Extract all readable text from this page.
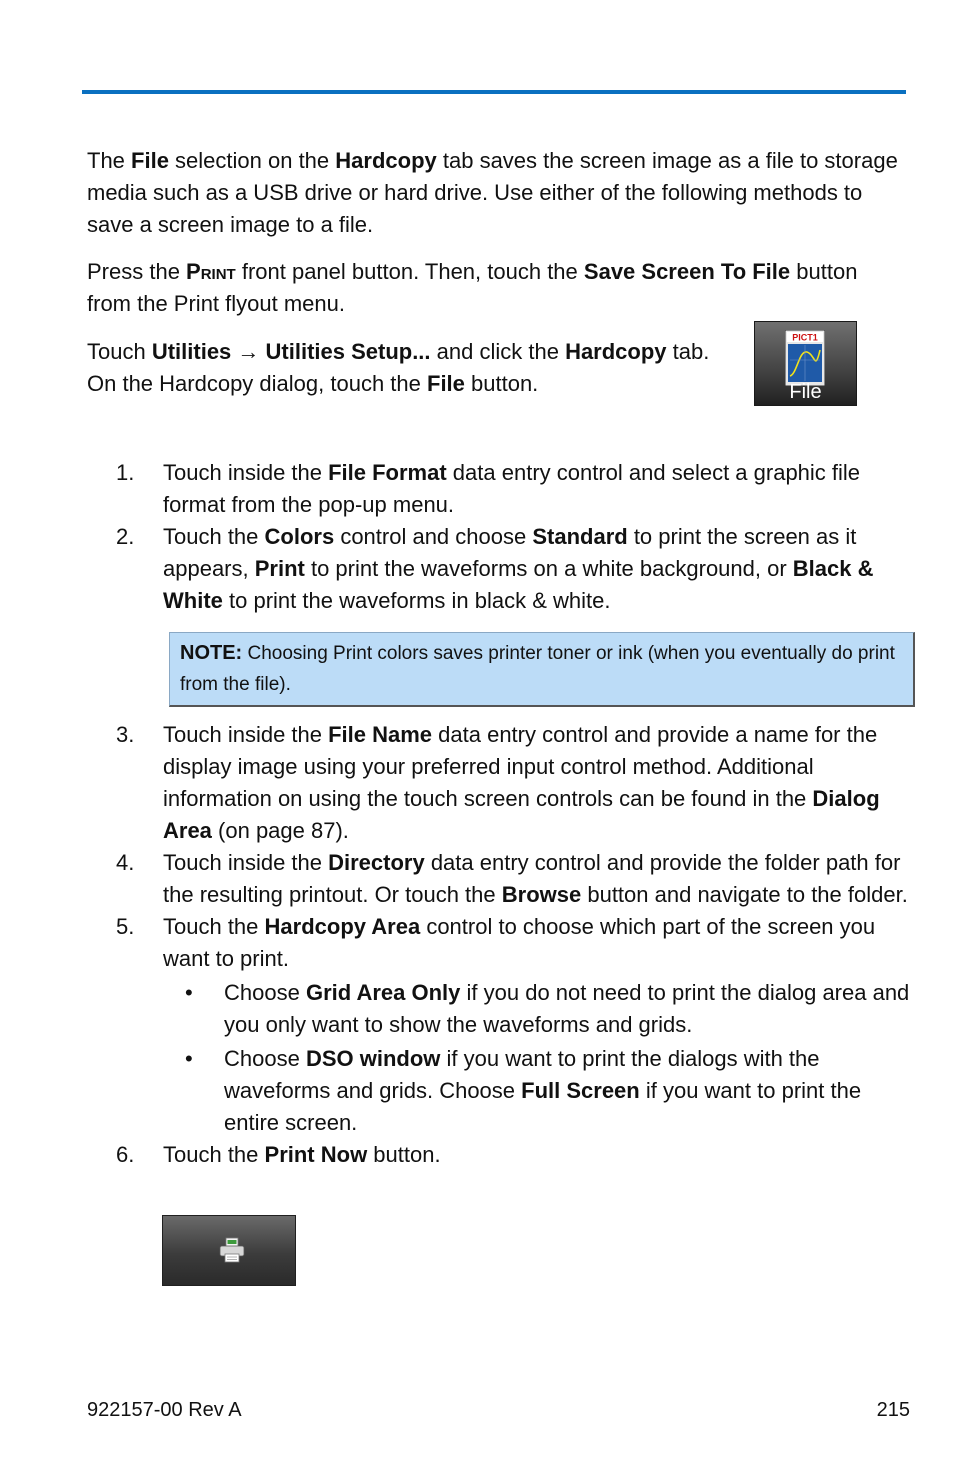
The File selection on the Hardcopy tab saves the screen image as a file to storage media such as a USB drive or hard drive. Use either of the following methods to save a screen image to a file.

Press the Print front panel button. Then, touch the Save Screen To File button from the Print flyout menu.

Touch Utilities → Utilities Setup... and click the Hardcopy tab. On the Hardcopy dialog, touch the File button.

PICT1
File
1. Touch inside the File Format data entry control and select a graphic file format from the pop-up menu.
2. Touch the Colors control and choose Standard to print the screen as it appears, Print to print the waveforms on a white background, or Black & White to print the waveforms in black & white.
NOTE: Choosing Print colors saves printer toner or ink (when you eventually do print from the file).
3. Touch inside the File Name data entry control and provide a name for the display image using your preferred input control method. Additional information on using the touch screen controls can be found in the Dialog Area (on page 87).
4. Touch inside the Directory data entry control and provide the folder path for the resulting printout. Or touch the Browse button and navigate to the folder.
5. Touch the Hardcopy Area control to choose which part of the screen you want to print.
• Choose Grid Area Only if you do not need to print the dialog area and you only want to show the waveforms and grids.
• Choose DSO window if you want to print the dialogs with the waveforms and grids. Choose Full Screen if you want to print the entire screen.
6. Touch the Print Now button.
922157-00 Rev A	215
